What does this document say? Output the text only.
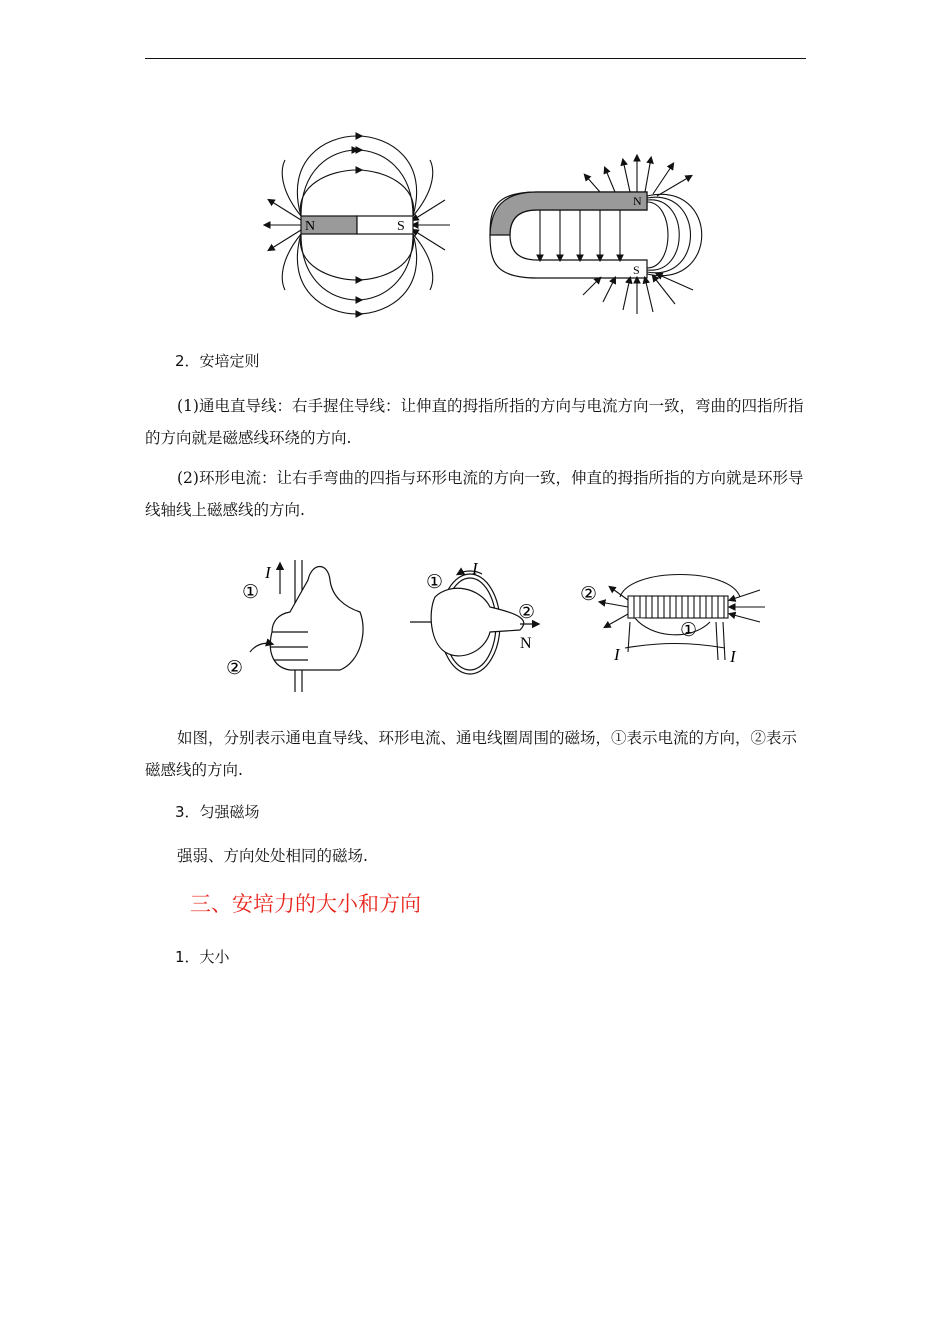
N	S
N
S
2．安培定则
(1)通电直导线：右手握住导线：让伸直的拇指所指的方向与电流方向一致，弯曲的四指所指的方向就是磁感线环绕的方向.
(2)环形电流：让右手弯曲的四指与环形电流的方向一致，伸直的拇指所指的方向就是环形导线轴线上磁感线的方向.
I
①
②
I
①
②
N
I	I
①
②
如图，分别表示通电直导线、环形电流、通电线圈周围的磁场，①表示电流的方向，②表示磁感线的方向.
3．匀强磁场
强弱、方向处处相同的磁场.
三、安培力的大小和方向
1．大小
